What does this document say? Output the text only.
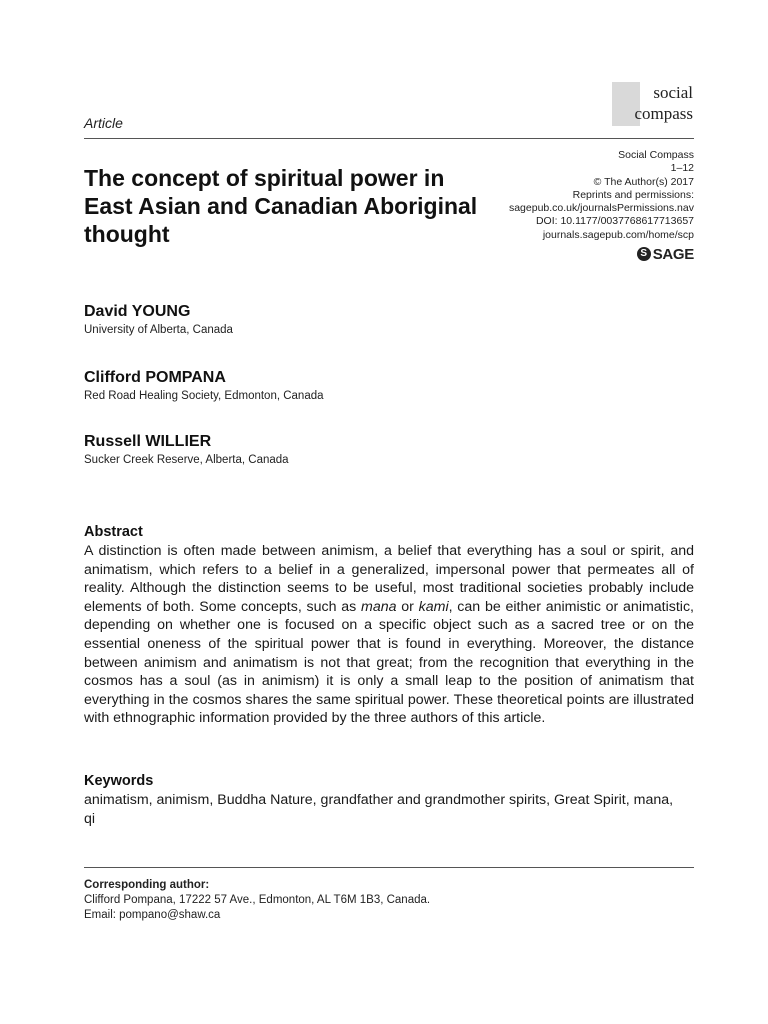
social
compass
Article
The concept of spiritual power in East Asian and Canadian Aboriginal thought
Social Compass
1–12
© The Author(s) 2017
Reprints and permissions:
sagepub.co.uk/journalsPermissions.nav
DOI: 10.1177/0037768617713657
journals.sagepub.com/home/scp
S SAGE
David YOUNG
University of Alberta, Canada
Clifford POMPANA
Red Road Healing Society, Edmonton, Canada
Russell WILLIER
Sucker Creek Reserve, Alberta, Canada
Abstract

A distinction is often made between animism, a belief that everything has a soul or spirit, and animatism, which refers to a belief in a generalized, impersonal power that permeates all of reality. Although the distinction seems to be useful, most traditional societies probably include elements of both. Some concepts, such as mana or kami, can be either animistic or animatistic, depending on whether one is focused on a specific object such as a sacred tree or on the essential oneness of the spiritual power that is found in everything. Moreover, the distance between animism and animatism is not that great; from the recognition that everything in the cosmos has a soul (as in animism) it is only a small leap to the position of animatism that everything in the cosmos shares the same spiritual power. These theoretical points are illustrated with ethnographic information provided by the three authors of this article.

Keywords
animatism, animism, Buddha Nature, grandfather and grandmother spirits, Great Spirit, mana, qi
Corresponding author:
Clifford Pompana, 17222 57 Ave., Edmonton, AL T6M 1B3, Canada.
Email: pompano@shaw.ca
